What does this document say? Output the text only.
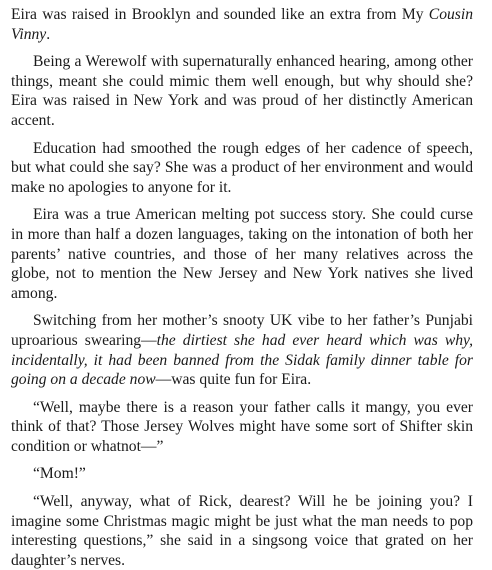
Eira was raised in Brooklyn and sounded like an extra from My Cousin Vinny.

Being a Werewolf with supernaturally enhanced hearing, among other things, meant she could mimic them well enough, but why should she? Eira was raised in New York and was proud of her distinctly American accent.

Education had smoothed the rough edges of her cadence of speech, but what could she say? She was a product of her environment and would make no apologies to anyone for it.

Eira was a true American melting pot success story. She could curse in more than half a dozen languages, taking on the intonation of both her parents’ native countries, and those of her many relatives across the globe, not to mention the New Jersey and New York natives she lived among.

Switching from her mother’s snooty UK vibe to her father’s Punjabi uproarious swearing—the dirtiest she had ever heard which was why, incidentally, it had been banned from the Sidak family dinner table for going on a decade now—was quite fun for Eira.

“Well, maybe there is a reason your father calls it mangy, you ever think of that? Those Jersey Wolves might have some sort of Shifter skin condition or whatnot—”

“Mom!”

“Well, anyway, what of Rick, dearest? Will he be joining you? I imagine some Christmas magic might be just what the man needs to pop interesting questions,” she said in a singsong voice that grated on her daughter’s nerves.
